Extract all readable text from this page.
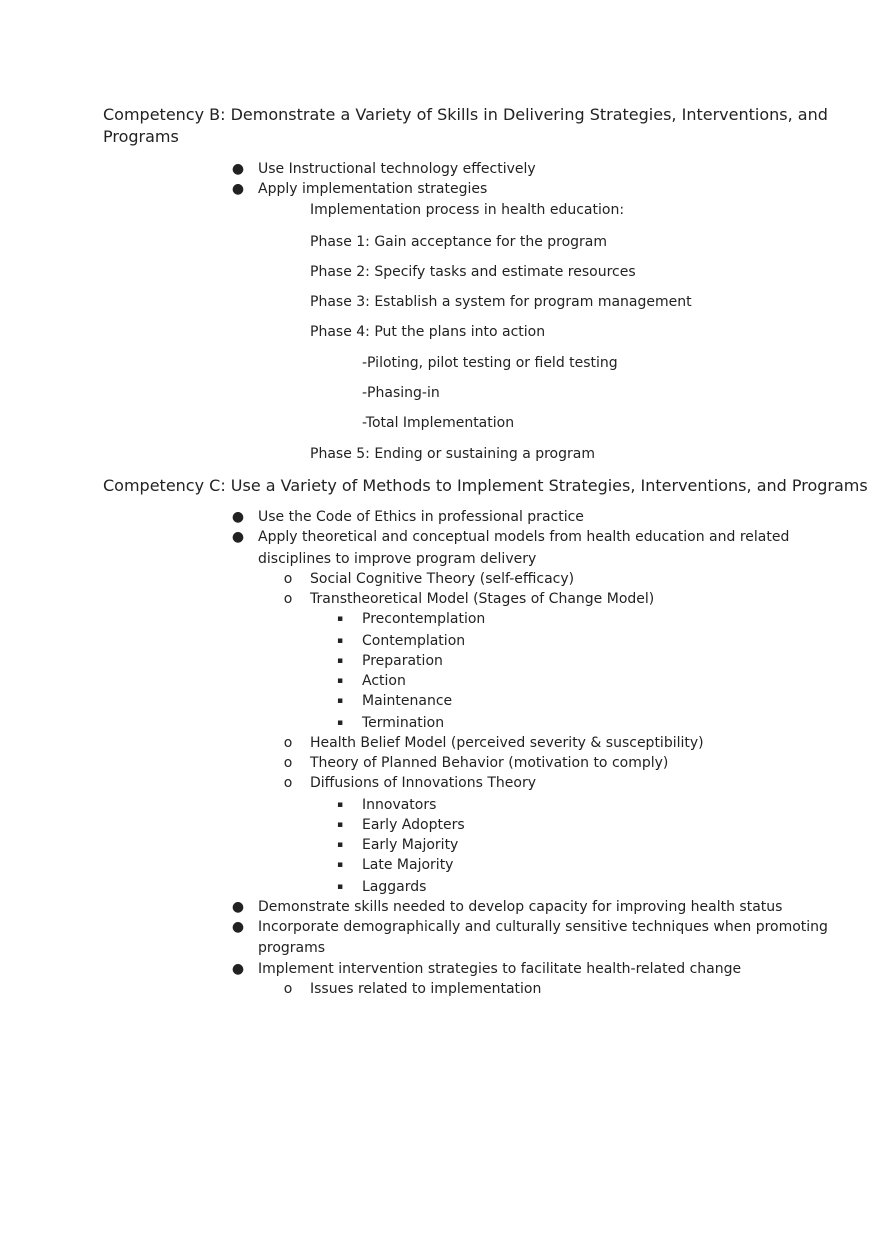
Competency B: Demonstrate a Variety of Skills in Delivering Strategies, Interventions, and
Programs
● Use Instructional technology effectively
● Apply implementation strategies
Implementation process in health education:
Phase 1: Gain acceptance for the program
Phase 2: Specify tasks and estimate resources
Phase 3: Establish a system for program management
Phase 4: Put the plans into action
-Piloting, pilot testing or field testing
-Phasing-in
-Total Implementation
Phase 5: Ending or sustaining a program
Competency C: Use a Variety of Methods to Implement Strategies, Interventions, and Programs
● Use the Code of Ethics in professional practice
● Apply theoretical and conceptual models from health education and related
disciplines to improve program delivery
o Social Cognitive Theory (self-efficacy)
o Transtheoretical Model (Stages of Change Model)
▪ Precontemplation
▪ Contemplation
▪ Preparation
▪ Action
▪ Maintenance
▪ Termination
o Health Belief Model (perceived severity & susceptibility)
o Theory of Planned Behavior (motivation to comply)
o Diffusions of Innovations Theory
▪ Innovators
▪ Early Adopters
▪ Early Majority
▪ Late Majority
▪ Laggards
● Demonstrate skills needed to develop capacity for improving health status
● Incorporate demographically and culturally sensitive techniques when promoting
programs
● Implement intervention strategies to facilitate health-related change
o Issues related to implementation
